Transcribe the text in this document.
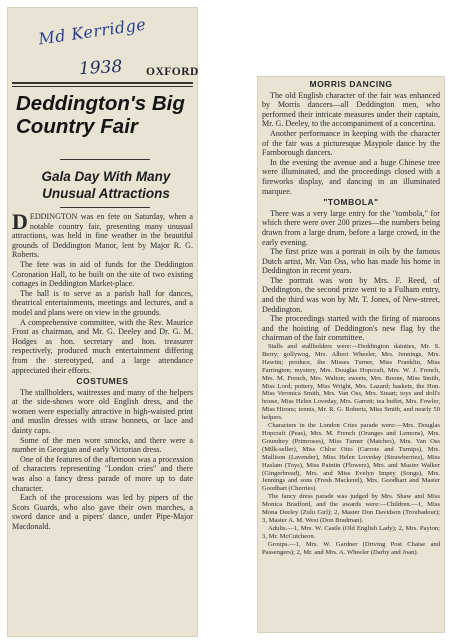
Md Kerridge
1938 OXFORD
Deddington's Big Country Fair
Gala Day With Many Unusual Attractions

DEDDINGTON was en fete on Saturday, when a notable country fair, presenting many unusual attractions, was held in fine weather in the beautiful grounds of Deddington Manor, lent by Major R. G. Roberts.

The fete was in aid of funds for the Deddington Coronation Hall, to be built on the site of two existing cottages in Deddington Market-place.

The hall is to serve as a parish hall for dances, theatrical entertainments, meetings and lectures, and a model and plans were on view in the grounds.

A comprehensive committee, with the Rev. Maurice Frost as chairman, and Mr. G. Deeley and Dr. G. M. Hodges as hon. secretary and hon. treasurer respectively, produced much entertainment differing from the stereotyped, and a large attendance appreciated their efforts.

COSTUMES

The stallholders, waitresses and many of the helpers at the side-shows wore old English dress, and the women were especially attractive in high-waisted print and muslin dresses with straw bonnets, or lace and dainty caps.

Some of the men wore smocks, and there were a number in Georgian and early Victorian dress.

One of the features of the afternoon was a procession of characters representing "London cries" and there was also a fancy dress parade of more up to date character.

Each of the processions was led by pipers of the Scots Guards, who also gave their own marches, a sword dance and a pipers' dance, under Pipe-Major Macdonald.

MORRIS DANCING

The old English character of the fair was enhanced by Morris dancers—all Deddington men, who performed their intricate measures under their captain, Mr. G. Deeley, to the accompaniment of a concertina.

Another performance in keeping with the character of the fair was a picturesque Maypole dance by the Farnborough dancers.

In the evening the avenue and a huge Chinese tree were illuminated, and the proceedings closed with a fireworks display, and dancing in an illuminated marquee.

"TOMBOLA"

There was a very large entry for the "tombola," for which there were over 200 prizes—the numbers being drawn from a large drum, before a large crowd, in the early evening.

The first prize was a portrait in oils by the famous Dutch artist, Mr. Van Oss, who has made his home in Deddington in recent years.

The portrait was won by Mrs. F. Reed, of Deddington, the second prize went to a Fulham entry, and the third was won by Mr. T. Jones, of New-street, Deddington.

The proceedings started with the firing of maroons and the hoisting of Deddington's new flag by the chairman of the fair committee.

Stalls and stallholders were:—Deddington dainties, Mr. S. Berry; gollywog, Mrs. Albert Wheeler, Mrs. Jennings, Mrs. Hawtin; produce, the Misses Turner, Miss Franklin, Miss Farrington; mystery, Mrs. Douglas Hopcraft, Mrs. W. J. French, Mrs. M. French, Mrs. Walton; sweets, Mrs. Boone, Miss Smith, Miss Lord; pottery, Miss Wright, Mrs. Lazard; baskets, the Hon. Miss Veronica Smith, Mrs. Van Oss, Mrs. Stuart; toys and doll's house, Miss Helen Loveday, Mrs. Garrett; tea buffet, Mrs. Fowler, Miss Hirons; tennis, Mr. R. G. Roberts, Miss Smith, and nearly 50 helpers.

Characters in the London Cries parade were:—Mrs. Douglas Hopcraft (Peas), Mrs. M. French (Oranges and Lemons), Mrs. Goundrey (Primroses), Miss Turner (Matches), Mrs. Van Oss (Milk-seller), Miss Chloe Otto (Carrots and Turnips), Mrs. Mallison (Lavender), Miss Helen Loveday (Strawberries), Miss Haslam (Toys), Miss Paintin (Flowers), Mrs. and Master Walker (Gingerbread), Mrs. and Miss Evelyn Impey (Songs), Mrs. Jennings and sons (Fresh Mackerel), Mrs. Goodhart and Master Goodhart (Cherries).

The fancy dress parade was judged by Mrs. Shaw and Miss Monica Bradford, and the awards were:—Children.—1, Miss Mona Deeley (Zulu Girl); 2, Master Don Davidson (Troubadour); 3, Master A. M. West (Don Bradman).

Adults.—1, Mrs. W. Castle (Old English Lady); 2, Mrs. Payton; 3, Mr. McCutcheon.

Groups.—1, Mrs. W. Gardner (Driving Post Chaise and Passengers); 2, Mr. and Mrs. A. Wheeler (Darby and Joan).
